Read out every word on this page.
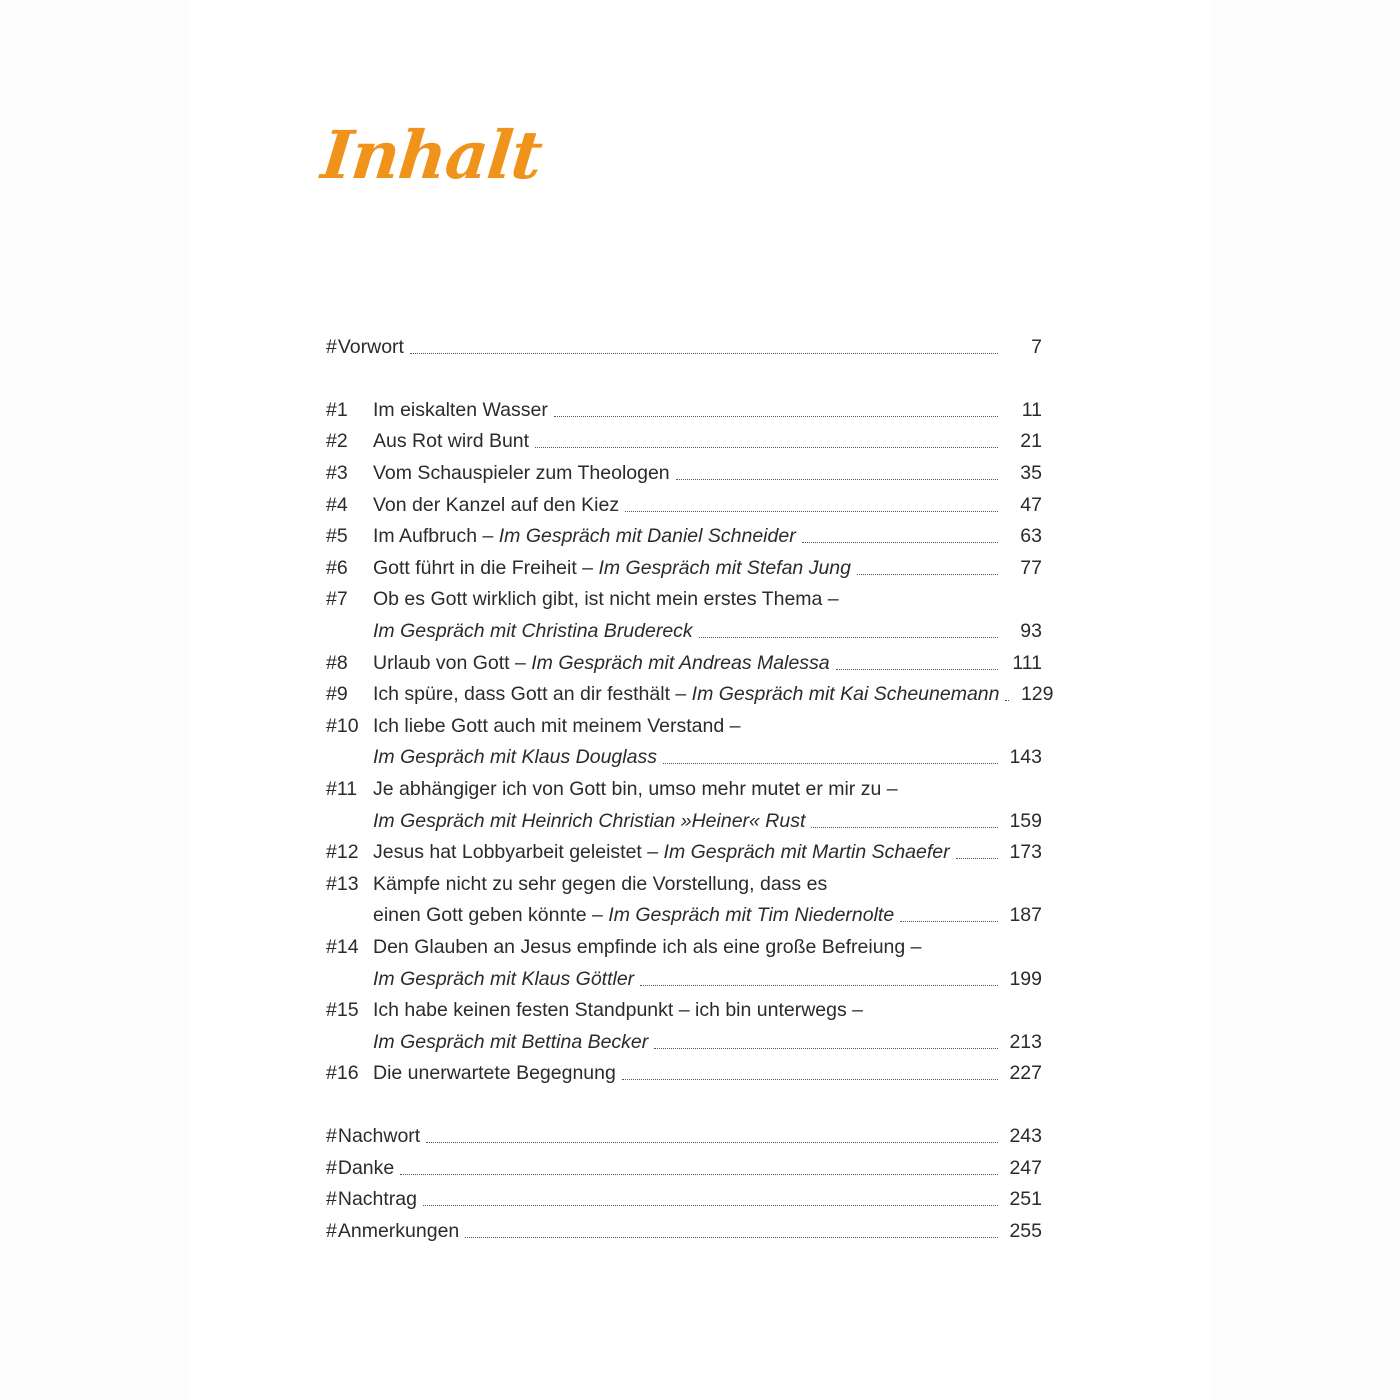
Inhalt
# Vorwort	7
#1	Im eiskalten Wasser	11
#2	Aus Rot wird Bunt	21
#3	Vom Schauspieler zum Theologen	35
#4	Von der Kanzel auf den Kiez	47
#5	Im Aufbruch – Im Gespräch mit Daniel Schneider	63
#6	Gott führt in die Freiheit – Im Gespräch mit Stefan Jung	77
#7	Ob es Gott wirklich gibt, ist nicht mein erstes Thema –
Im Gespräch mit Christina Brudereck	93
#8	Urlaub von Gott – Im Gespräch mit Andreas Malessa	111
#9	Ich spüre, dass Gott an dir festhält – Im Gespräch mit Kai Scheunemann 129
#10 Ich liebe Gott auch mit meinem Verstand –
Im Gespräch mit Klaus Douglass	143
#11 Je abhängiger ich von Gott bin, umso mehr mutet er mir zu –
Im Gespräch mit Heinrich Christian »Heiner« Rust	159
#12 Jesus hat Lobbyarbeit geleistet – Im Gespräch mit Martin Schaefer	173
#13 Kämpfe nicht zu sehr gegen die Vorstellung, dass es
einen Gott geben könnte – Im Gespräch mit Tim Niedernolte	187
#14 Den Glauben an Jesus empfinde ich als eine große Befreiung –
Im Gespräch mit Klaus Göttler	199
#15 Ich habe keinen festen Standpunkt – ich bin unterwegs –
Im Gespräch mit Bettina Becker	213
#16 Die unerwartete Begegnung	227
# Nachwort	243
# Danke	247
# Nachtrag	251
# Anmerkungen	255
